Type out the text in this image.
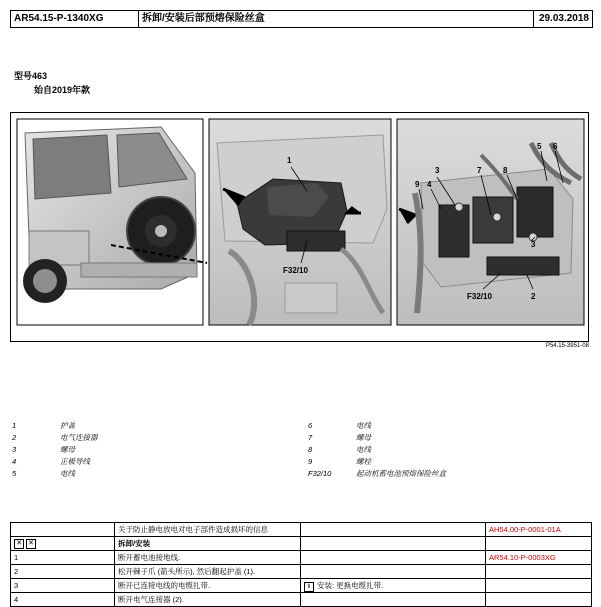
AR54.15-P-1340XG	拆卸/安装后部预熔保险丝盒	29.03.2018
型号463
始自2019年款
1
F32/10
3	7	8
5 6
9 4
3
F32/10	2
P54.15-3951-08
1	护盖
2	电气连接器
3	螺母
4	正极导线
5	电线
6	电线
7	螺母
8	电线
9	螺栓
F32/10	起动机蓄电池预熔保险丝盒
	关于防止静电放电对电子部件造成损坏的信息		AH54.00-P-0001-01A
✕ ✕	拆卸/安装		
1	断开蓄电池接地线.		AR54.10-P-0003XG
2	松开棘子爪 (箭头所示), 然后翻起护盖 (1).		
3	断开已连接电线的电缆扎带.	i 安装: 更换电缆扎带.	
4	断开电气连接器 (2).		
